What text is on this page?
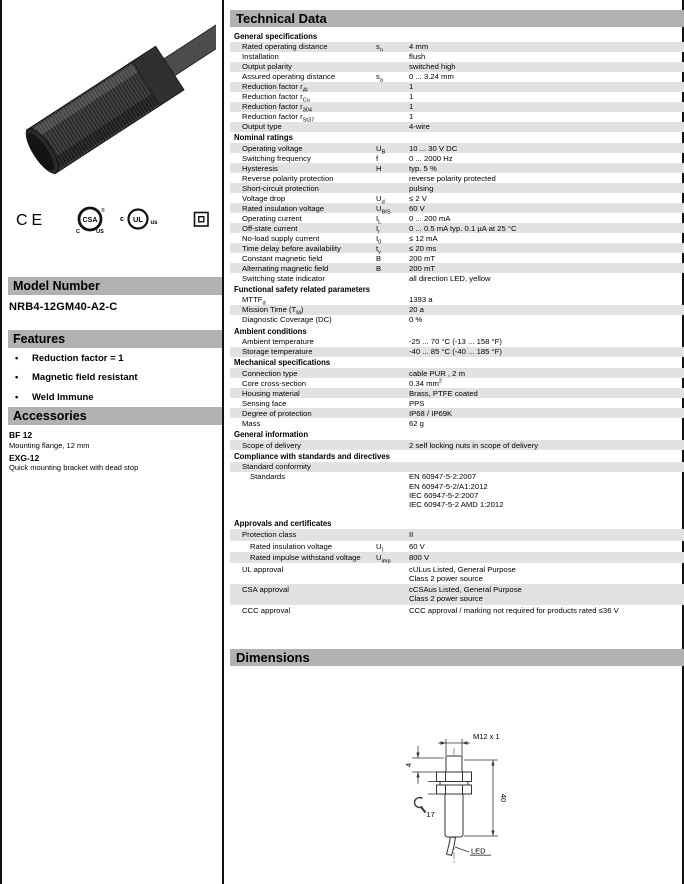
CE	CSA
®
C	US
c UL us
Model Number
NRB4-12GM40-A2-C
Features
• Reduction factor = 1
• Magnetic field resistant
• Weld Immune
Accessories
BF 12
Mounting flange, 12 mm
EXG-12
Quick mounting bracket with dead stop
Technical Data
General specifications
Rated operating distance	$s_n$	4 mm
Installation	flush
Output polarity	switched high
Assured operating distance	$s_a$	0 ... 3.24 mm
Reduction factor $r_{Al}$	1
Reduction factor $r_{Cu}$	1
Reduction factor $r_{304}$	1
Reduction factor $r_{St37}$	1
Output type	4-wire
Nominal ratings
Operating voltage	$U_B$	10 ... 30 V DC
Switching frequency	f	0 ... 2000 Hz
Hysteresis	H	typ. 5 %
Reverse polarity protection	reverse polarity protected
Short-circuit protection	pulsing
Voltage drop	$U_d$	≤ 2 V
Rated insulation voltage	$U_{BIS}$	60 V
Operating current	$I_L$	0 ... 200 mA
Off-state current	$I_r$	0 ... 0.5 mA typ. 0.1 µA at 25 °C
No-load supply current	$I_0$	≤ 12 mA
Time delay before availability	$t_v$	≤ 20 ms
Constant magnetic field	B	200 mT
Alternating magnetic field	B	200 mT
Switching state indicator	all direction LED, yellow
Functional safety related parameters
$MTTF_d$	1393 a
Mission Time $(T_M)$	20 a
Diagnostic Coverage (DC)	0 %
Ambient conditions
Ambient temperature	-25 ... 70 °C (-13 ... 158 °F)
Storage temperature	-40 ... 85 °C (-40 ... 185 °F)
Mechanical specifications
Connection type	cable PUR , 2 m
Core cross-section	0.34 $mm^2$
Housing material	Brass, PTFE coated
Sensing face	PPS
Degree of protection	IP68 / IP69K
Mass	62 g
General information
Scope of delivery	2 self locking nuts in scope of delivery
Compliance with standards and directives
Standard conformity
Standards	EN 60947-5-2:2007
EN 60947-5-2/A1:2012
IEC 60947-5-2:2007
IEC 60947-5-2 AMD 1:2012
Approvals and certificates
Protection class	II
Rated insulation voltage	$U_i$	60 V
Rated impulse withstand voltage	$U_{imp}$	800 V
UL approval	cULus Listed, General Purpose
Class 2 power source
CSA approval	cCSAus Listed, General Purpose
Class 2 power source
CCC approval	CCC approval / marking not required for products rated ≤36 V
Dimensions
M12 x 1
40
4
17
LED
